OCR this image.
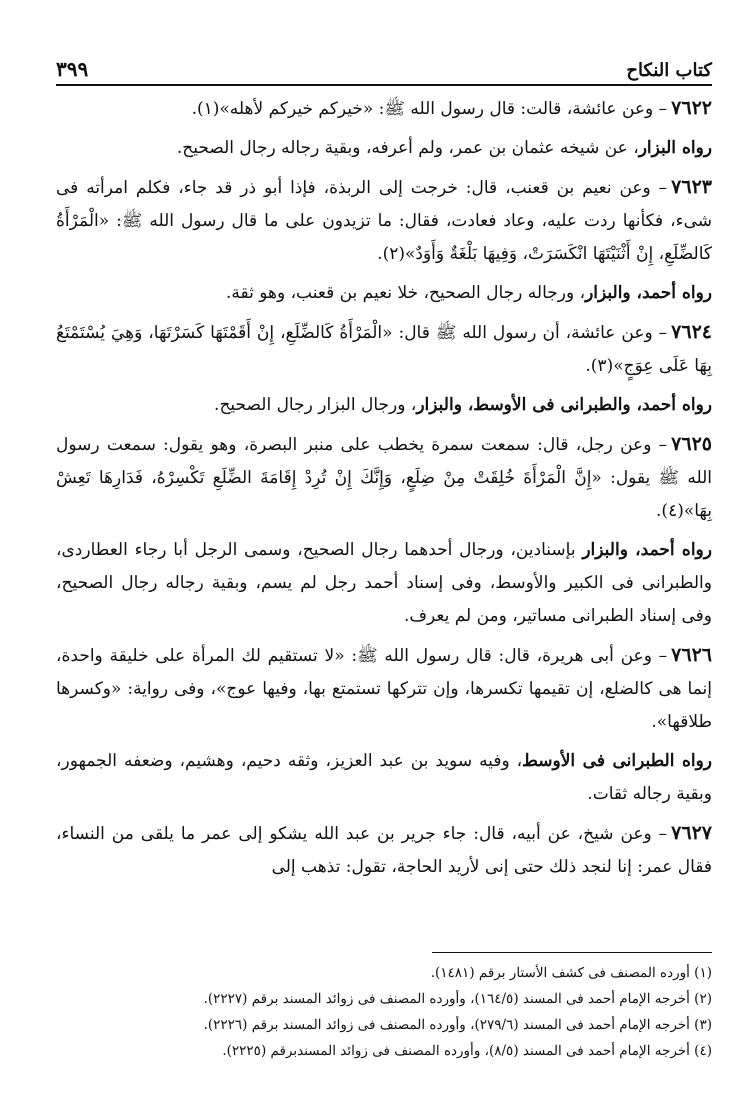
كتاب النكاح
٣٩٩

٧٦٢٢– وعن عائشة، قالت: قال رسول الله ﷺ: «خيركم خيركم لأهله»(١).

رواه البزار، عن شيخه عثمان بن عمر، ولم أعرفه، وبقية رجاله رجال الصحيح.

٧٦٢٣– وعن نعيم بن قعنب، قال: خرجت إلى الربذة، فإذا أبو ذر قد جاء، فكلم امرأته فى شىء، فكأنها ردت عليه، وعاد فعادت، فقال: ما تزيدون على ما قال رسول الله ﷺ: «الْمَرْأَةُ كَالضِّلَعِ، إِنْ أَثْنَيْتَهَا انْكَسَرَتْ، وَفِيهَا بَلْغَةٌ وَأَوَدٌ»(٢).

رواه أحمد، والبزار، ورجاله رجال الصحيح، خلا نعيم بن قعنب، وهو ثقة.

٧٦٢٤– وعن عائشة، أن رسول الله ﷺ قال: «الْمَرْأَةُ كَالضِّلَعِ، إِنْ أَقَمْتَهَا كَسَرْتَهَا، وَهِيَ يُسْتَمْتَعُ بِهَا عَلَى عِوَجٍ»(٣).

رواه أحمد، والطبرانى فى الأوسط، والبزار، ورجال البزار رجال الصحيح.

٧٦٢٥– وعن رجل، قال: سمعت سمرة يخطب على منبر البصرة، وهو يقول: سمعت رسول الله ﷺ يقول: «إِنَّ الْمَرْأَةَ خُلِقَتْ مِنْ ضِلَعٍ، وَإِنَّكَ إِنْ تُرِدْ إِقَامَةَ الضِّلَعِ تَكْسِرْهُ، فَدَارِهَا تَعِشْ بِهَا»(٤).

رواه أحمد، والبزار بإسنادين، ورجال أحدهما رجال الصحيح، وسمى الرجل أبا رجاء العطاردى، والطبرانى فى الكبير والأوسط، وفى إسناد أحمد رجل لم يسم، وبقية رجاله رجال الصحيح، وفى إسناد الطبرانى مساتير، ومن لم يعرف.

٧٦٢٦– وعن أبى هريرة، قال: قال رسول الله ﷺ: «لا تستقيم لك المرأة على خليقة واحدة، إنما هى كالضلع، إن تقيمها تكسرها، وإن تتركها تستمتع بها، وفيها عوج»، وفى رواية: «وكسرها طلاقها».

رواه الطبرانى فى الأوسط، وفيه سويد بن عبد العزيز، وثقه دحيم، وهشيم، وضعفه الجمهور، وبقية رجاله ثقات.

٧٦٢٧– وعن شيخ، عن أبيه، قال: جاء جرير بن عبد الله يشكو إلى عمر ما يلقى من النساء، فقال عمر: إنا لنجد ذلك حتى إنى لأريد الحاجة، تقول: تذهب إلى

(١) أورده المصنف فى كشف الأستار برقم (١٤٨١).

(٢) أخرجه الإمام أحمد فى المسند (١٦٤/٥)، وأورده المصنف فى زوائد المسند برقم (٢٢٢٧).

(٣) أخرجه الإمام أحمد فى المسند (٢٧٩/٦)، وأورده المصنف فى زوائد المسند برقم (٢٢٢٦).

(٤) أخرجه الإمام أحمد فى المسند (٨/٥)، وأورده المصنف فى زوائد المسندبرقم (٢٢٢٥).
